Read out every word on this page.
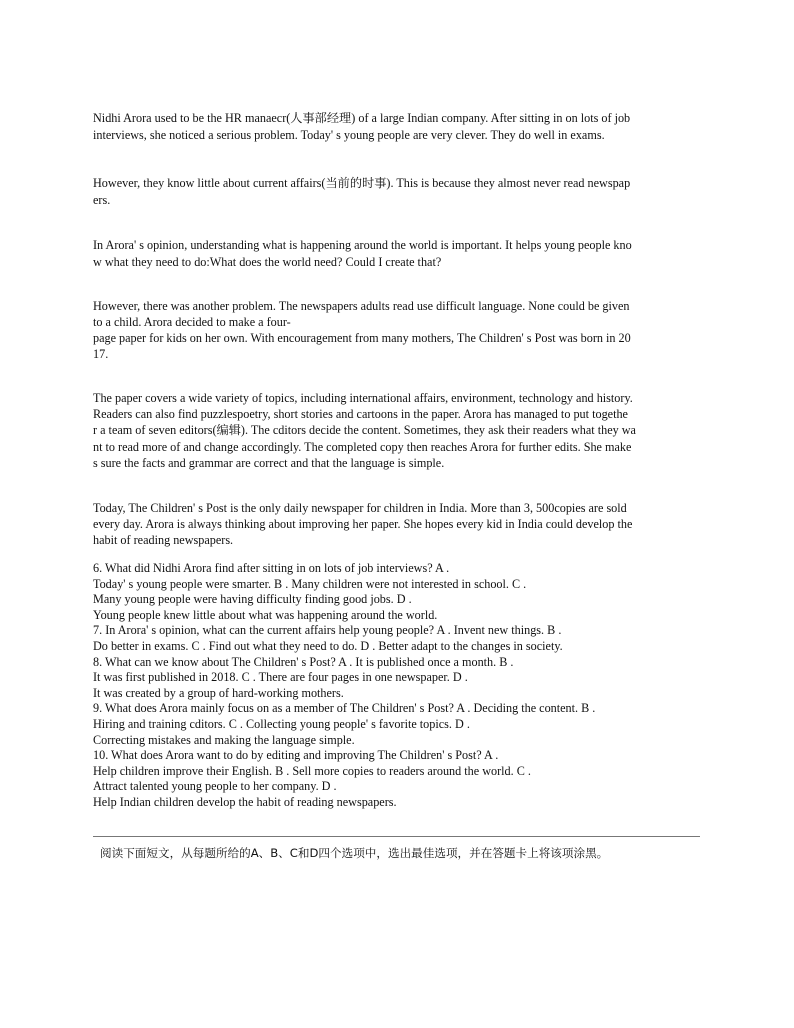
Nidhi Arora used to be the HR manaecr(人事部经理) of a large Indian company. After sitting in on lots of job
interviews, she noticed a serious problem. Today' s young people are very clever. They do well in exams.
However, they know little about current affairs(当前的时事). This is because they almost never read newspap
ers.
In Arora' s opinion, understanding what is happening around the world is important. It helps young people kno
w what they need to do:What does the world need? Could I create that?
However, there was another problem. The newspapers adults read use difficult language. None could be given
to a child. Arora decided to make a four-
page paper for kids on her own. With encouragement from many mothers, The Children' s Post was born in 20
17.
The paper covers a wide variety of topics, including international affairs, environment, technology and history.
Readers can also find puzzlespoetry, short stories and cartoons in the paper. Arora has managed to put togethe
r a team of seven editors(编辑). The cditors decide the content. Sometimes, they ask their readers what they wa
nt to read more of and change accordingly. The completed copy then reaches Arora for further edits. She make
s sure the facts and grammar are correct and that the language is simple.
Today, The Children' s Post is the only daily newspaper for children in India. More than 3, 500copies are sold
every day. Arora is always thinking about improving her paper. She hopes every kid in India could develop the
habit of reading newspapers.
6. What did Nidhi Arora find after sitting in on lots of job interviews? A .
Today' s young people were smarter. B . Many children were not interested in school. C .
Many young people were having difficulty finding good jobs. D .
Young people knew little about what was happening around the world.
7. In Arora' s opinion, what can the current affairs help young people? A . Invent new things. B .
Do better in exams. C . Find out what they need to do. D . Better adapt to the changes in society.
8. What can we know about The Children' s Post? A . It is published once a month. B .
It was first published in 2018. C . There are four pages in one newspaper. D .
It was created by a group of hard-working mothers.
9. What does Arora mainly focus on as a member of The Children' s Post? A . Deciding the content. B .
Hiring and training cditors. C . Collecting young people' s favorite topics. D .
Correcting mistakes and making the language simple.
10. What does Arora want to do by editing and improving The Children' s Post? A .
Help children improve their English. B . Sell more copies to readers around the world. C .
Attract talented young people to her company. D .
Help Indian children develop the habit of reading newspapers.
阅读下面短文，从每题所给的A、B、C和D四个选项中，选出最佳选项，并在答题卡上将该项涂黑。
